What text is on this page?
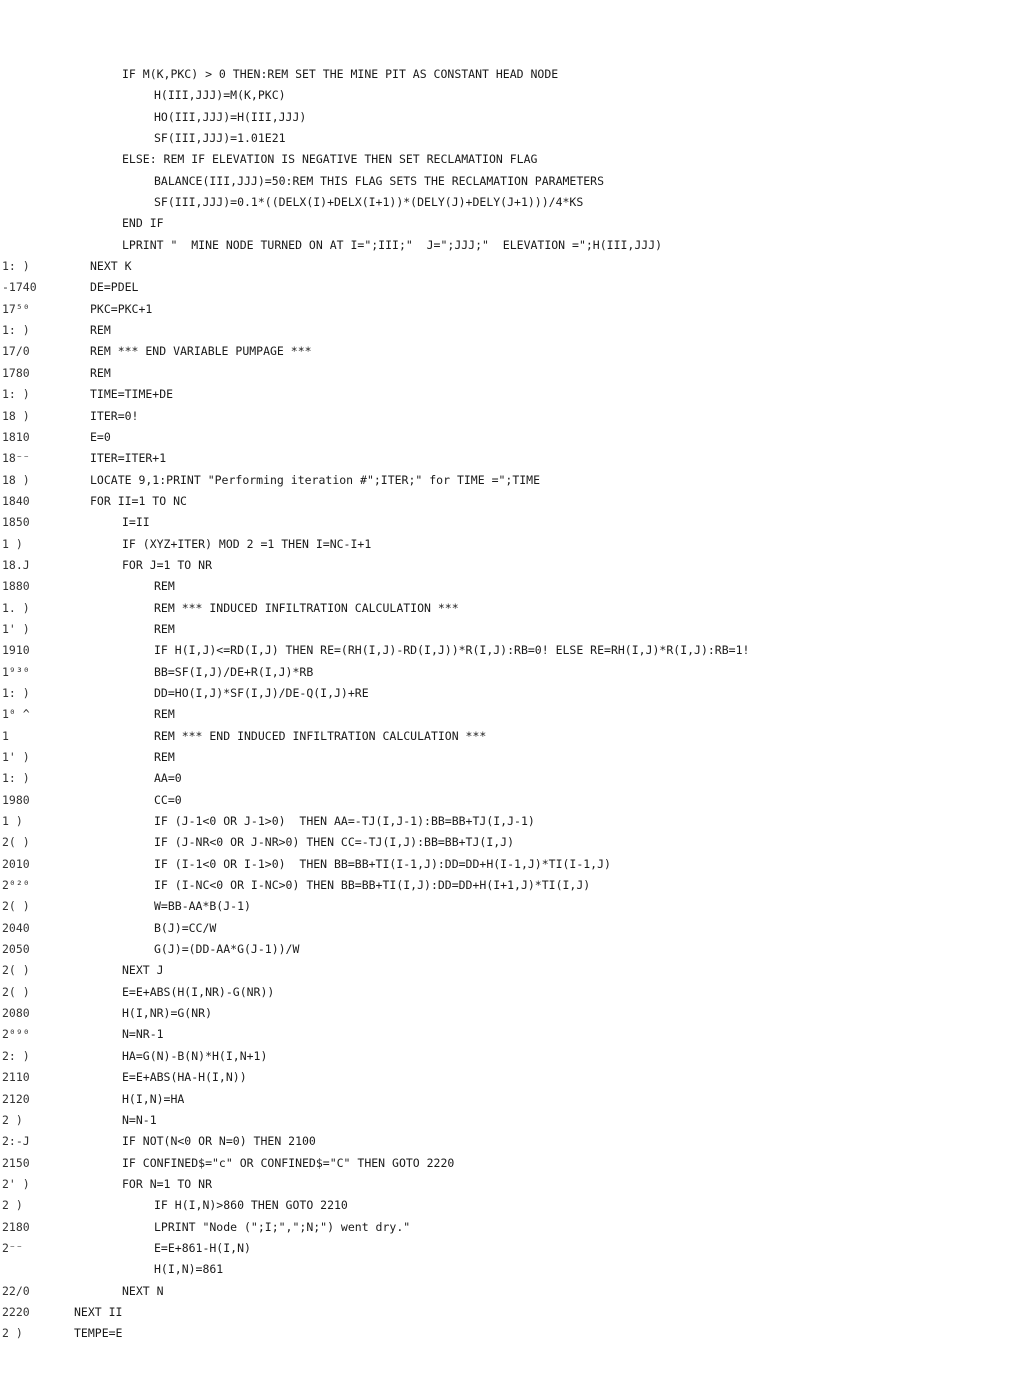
IF M(K,PKC) > 0 THEN:REM SET THE MINE PIT AS CONSTANT HEAD NODE
H(III,JJJ)=M(K,PKC)
HO(III,JJJ)=H(III,JJJ)
SF(III,JJJ)=1.01E21
ELSE: REM IF ELEVATION IS NEGATIVE THEN SET RECLAMATION FLAG
BALANCE(III,JJJ)=50:REM THIS FLAG SETS THE RECLAMATION PARAMETERS
SF(III,JJJ)=0.1*((DELX(I)+DELX(I+1))*(DELY(J)+DELY(J+1)))/4*KS
END IF
LPRINT "  MINE NODE TURNED ON AT I=";III;"  J=";JJJ;"  ELEVATION =";H(III,JJJ)
1: )	NEXT K
-1740	DE=PDEL
17⁵⁰	PKC=PKC+1
1: )	REM
17/0	REM *** END VARIABLE PUMPAGE ***
1780	REM
1: )	TIME=TIME+DE
18 )	ITER=0!
1810	E=0
18⁻⁻	ITER=ITER+1
18 )	LOCATE 9,1:PRINT "Performing iteration #";ITER;" for TIME =";TIME
1840	FOR II=1 TO NC
1850	I=II
1 )	IF (XYZ+ITER) MOD 2 =1 THEN I=NC-I+1
18.J	FOR J=1 TO NR
1880	REM
1. )	REM *** INDUCED INFILTRATION CALCULATION ***
1' )	REM
1910	IF H(I,J)<=RD(I,J) THEN RE=(RH(I,J)-RD(I,J))*R(I,J):RB=0! ELSE RE=RH(I,J)*R(I,J):RB=1!
1⁹³⁰	BB=SF(I,J)/DE+R(I,J)*RB
1: )	DD=HO(I,J)*SF(I,J)/DE-Q(I,J)+RE
1⁰ ^	REM
1	REM *** END INDUCED INFILTRATION CALCULATION ***
1' )	REM
1: )	AA=0
1980	CC=0
1 )	IF (J-1<0 OR J-1>0)  THEN AA=-TJ(I,J-1):BB=BB+TJ(I,J-1)
2( )	IF (J-NR<0 OR J-NR>0) THEN CC=-TJ(I,J):BB=BB+TJ(I,J)
2010	IF (I-1<0 OR I-1>0)  THEN BB=BB+TI(I-1,J):DD=DD+H(I-1,J)*TI(I-1,J)
2⁰²⁰	IF (I-NC<0 OR I-NC>0) THEN BB=BB+TI(I,J):DD=DD+H(I+1,J)*TI(I,J)
2( )	W=BB-AA*B(J-1)
2040	B(J)=CC/W
2050	G(J)=(DD-AA*G(J-1))/W
2( )	NEXT J
2( )	E=E+ABS(H(I,NR)-G(NR))
2080	H(I,NR)=G(NR)
2⁰⁹⁰	N=NR-1
2: )	HA=G(N)-B(N)*H(I,N+1)
2110	E=E+ABS(HA-H(I,N))
2120	H(I,N)=HA
2 )	N=N-1
2:-J	IF NOT(N<0 OR N=0) THEN 2100
2150	IF CONFINED$="c" OR CONFINED$="C" THEN GOTO 2220
2' )	FOR N=1 TO NR
2 )	IF H(I,N)>860 THEN GOTO 2210
2180	LPRINT "Node (";I;",";N;") went dry."
2⁻⁻	E=E+861-H(I,N)
H(I,N)=861
22/0	NEXT N
2220	NEXT II
2 )	TEMPE=E
